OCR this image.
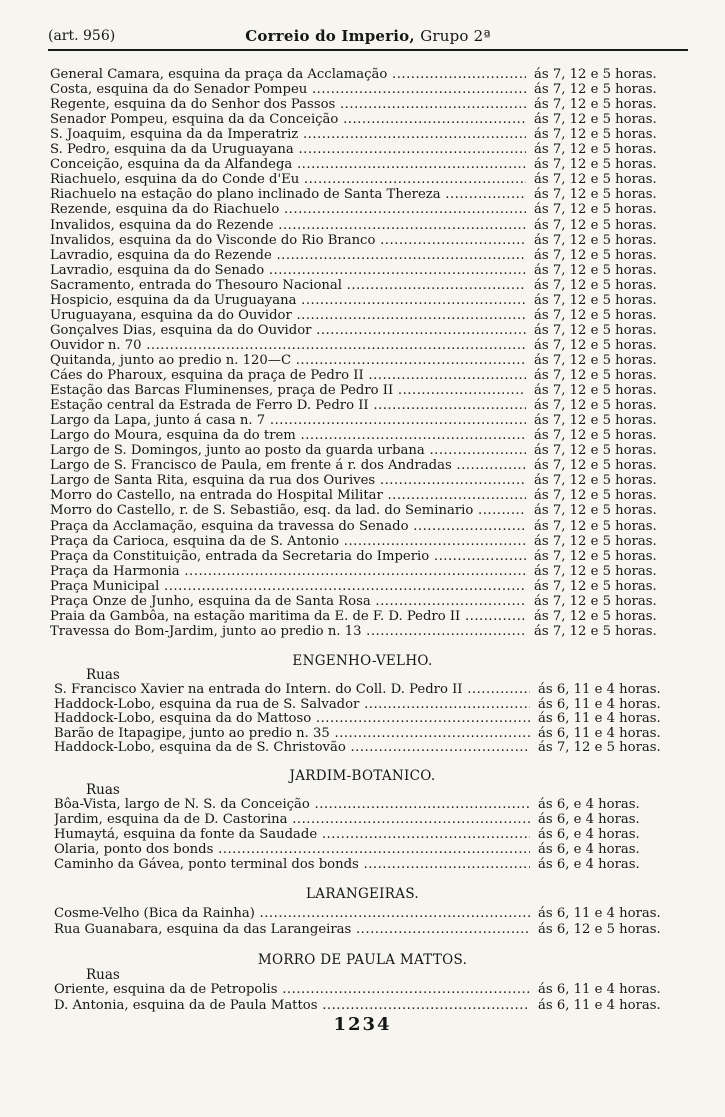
(art. 956)	Correio do Imperio, Grupo 2ª
General Camara, esquina da praça da Acclamação .....	ás 7, 12 e 5 horas.
Costa, esquina da do Senador Pompeu .....	ás 7, 12 e 5 horas.
Regente, esquina da do Senhor dos Passos .....	ás 7, 12 e 5 horas.
Senador Pompeu, esquina da da Conceição .....	ás 7, 12 e 5 horas.
S. Joaquim, esquina da da Imperatriz .....	ás 7, 12 e 5 horas.
S. Pedro, esquina da da Uruguayana .....	ás 7, 12 e 5 horas.
Conceição, esquina da da Alfandega .....	ás 7, 12 e 5 horas.
Riachuelo, esquina da do Conde d'Eu .....	ás 7, 12 e 5 horas.
Riachuelo na estação do plano inclinado de Santa Thereza .....	ás 7, 12 e 5 horas.
Rezende, esquina da do Riachuelo .....	ás 7, 12 e 5 horas.
Invalidos, esquina da do Rezende .....	ás 7, 12 e 5 horas.
Invalidos, esquina da do Visconde do Rio Branco .....	ás 7, 12 e 5 horas.
Lavradio, esquina da do Rezende .....	ás 7, 12 e 5 horas.
Lavradio, esquina da do Senado .....	ás 7, 12 e 5 horas.
Sacramento, entrada do Thesouro Nacional .....	ás 7, 12 e 5 horas.
Hospicio, esquina da da Uruguayana .....	ás 7, 12 e 5 horas.
Uruguayana, esquina da do Ouvidor .....	ás 7, 12 e 5 horas.
Gonçalves Dias, esquina da do Ouvidor .....	ás 7, 12 e 5 horas.
Ouvidor n. 70 .....	ás 7, 12 e 5 horas.
Quitanda, junto ao predio n. 120—C .....	ás 7, 12 e 5 horas.
Cáes do Pharoux, esquina da praça de Pedro II .....	ás 7, 12 e 5 horas.
Estação das Barcas Fluminenses, praça de Pedro II .....	ás 7, 12 e 5 horas.
Estação central da Estrada de Ferro D. Pedro II .....	ás 7, 12 e 5 horas.
Largo da Lapa, junto á casa n. 7 .....	ás 7, 12 e 5 horas.
Largo do Moura, esquina da do trem .....	ás 7, 12 e 5 horas.
Largo de S. Domingos, junto ao posto da guarda urbana .....	ás 7, 12 e 5 horas.
Largo de S. Francisco de Paula, em frente á r. dos Andradas .....	ás 7, 12 e 5 horas.
Largo de Santa Rita, esquina da rua dos Ourives .....	ás 7, 12 e 5 horas.
Morro do Castello, na entrada do Hospital Militar .....	ás 7, 12 e 5 horas.
Morro do Castello, r. de S. Sebastião, esq. da lad. do Seminario .....	ás 7, 12 e 5 horas.
Praça da Acclamação, esquina da travessa do Senado .....	ás 7, 12 e 5 horas.
Praça da Carioca, esquina da de S. Antonio .....	ás 7, 12 e 5 horas.
Praça da Constituição, entrada da Secretaria do Imperio .....	ás 7, 12 e 5 horas.
Praça da Harmonia .....	ás 7, 12 e 5 horas.
Praça Municipal .....	ás 7, 12 e 5 horas.
Praça Onze de Junho, esquina da de Santa Rosa .....	ás 7, 12 e 5 horas.
Praia da Gambôa, na estação maritima da E. de F. D. Pedro II .....	ás 7, 12 e 5 horas.
Travessa do Bom-Jardim, junto ao predio n. 13 .....	ás 7, 12 e 5 horas.
ENGENHO-VELHO.
Ruas
S. Francisco Xavier na entrada do Intern. do Coll. D. Pedro II .....	ás 6, 11 e 4 horas.
Haddock-Lobo, esquina da rua de S. Salvador .....	ás 6, 11 e 4 horas.
Haddock-Lobo, esquina da do Mattoso .....	ás 6, 11 e 4 horas.
Barão de Itapagipe, junto ao predio n. 35 .....	ás 6, 11 e 4 horas.
Haddock-Lobo, esquina da de S. Christovão .....	ás 7, 12 e 5 horas.
JARDIM-BOTANICO.
Ruas
Bôa-Vista, largo de N. S. da Conceição .....	ás 6, e 4 horas.
Jardim, esquina da de D. Castorina .....	ás 6, e 4 horas.
Humaytá, esquina da fonte da Saudade .....	ás 6, e 4 horas.
Olaria, ponto dos bonds .....	ás 6, e 4 horas.
Caminho da Gávea, ponto terminal dos bonds .....	ás 6, e 4 horas.
LARANGEIRAS.
Cosme-Velho (Bica da Rainha) .....	ás 6, 11 e 4 horas.
Rua Guanabara, esquina da das Larangeiras .....	ás 6, 12 e 5 horas.
MORRO DE PAULA MATTOS.
Ruas
Oriente, esquina da de Petropolis .....	ás 6, 11 e 4 horas.
D. Antonia, esquina da de Paula Mattos .....	ás 6, 11 e 4 horas.
1234
